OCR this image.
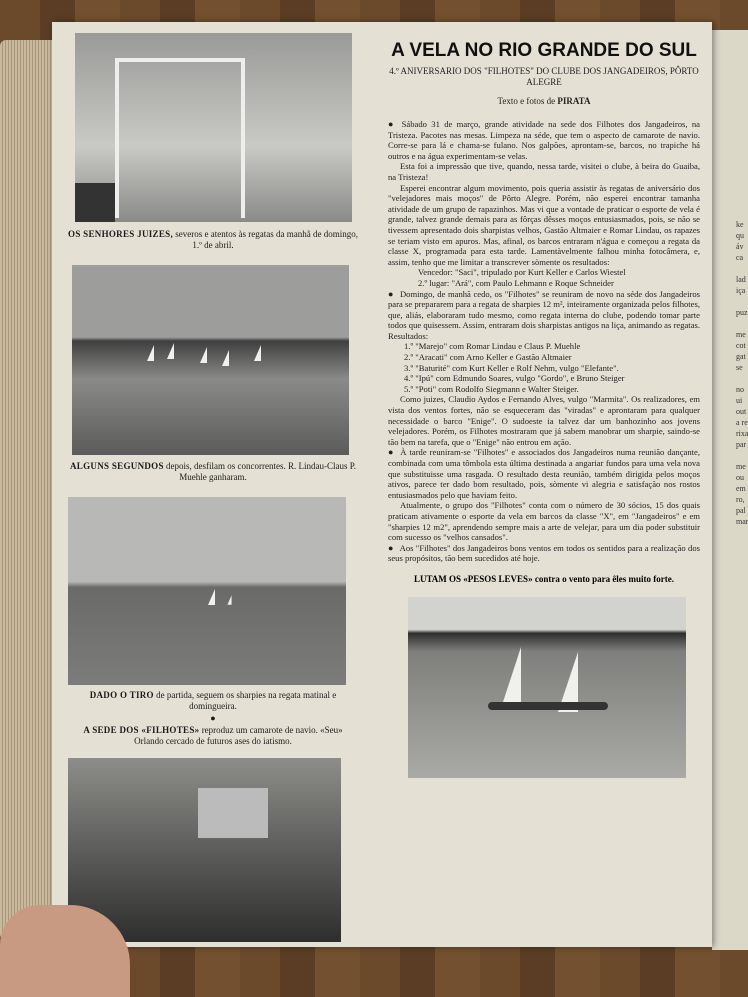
ke
qu
áv
ca
lad
iça
puz
me
cot
gat
se
no
ui
out
a re
rixa
par
me
ou
em
ro,
pal
mar
OS SENHORES JUIZES, severos e atentos às regatas da manhã de domingo, 1.º de abril.
ALGUNS SEGUNDOS depois, desfilam os concorrentes. R. Lindau-Claus P. Muehle ganharam.
DADO O TIRO de partida, seguem os sharpies na regata matinal e domingueira.
●
A SEDE DOS «FILHOTES» reproduz um camarote de navio. «Seu» Orlando cercado de futuros ases do iatismo.
A VELA NO RIO GRANDE DO SUL
4.º ANIVERSARIO DOS "FILHOTES" DO CLUBE DOS JANGADEIROS, PÔRTO ALEGRE
Texto e fotos de PIRATA

● Sábado 31 de março, grande atividade na sede dos Filhotes dos Jangadeiros, na Tristeza. Pacotes nas mesas. Limpeza na séde, que tem o aspecto de camarote de navio. Corre-se para lá e chama-se fulano. Nos galpões, aprontam-se, barcos, no trapiche há outros e na água experimentam-se velas.

Esta foi a impressão que tive, quando, nessa tarde, visitei o clube, à beira do Guaiba, na Tristeza!

Esperei encontrar algum movimento, pois queria assistir às regatas de aniversário dos "velejadores mais moços" de Pôrto Alegre. Porém, não esperei encontrar tamanha atividade de um grupo de rapazinhos. Mas vi que a vontade de praticar o esporte de vela é grande, talvez grande demais para as fôrças dêsses moços entusiasmados, pois, se não se tivessem apresentado dois sharpistas velhos, Gastão Altmaier e Romar Lindau, os rapazes se teriam visto em apuros. Mas, afinal, os barcos entraram n'água e começou a regata da classe X, programada para esta tarde. Lamentàvelmente falhou minha fotocâmera, e, assim, tenho que me limitar a transcrever sòmente os resultados:

Vencedor: "Saci", tripulado por Kurt Keller e Carlos Wiestel

2.º lugar: "Ará", com Paulo Lehmann e Roque Schneider

● Domingo, de manhã cedo, os "Filhotes" se reuniram de novo na séde dos Jangadeiros para se prepararem para a regata de sharpies 12 m², inteiramente organizada pelos filhotes, que, aliás, elaboraram tudo mesmo, como regata interna do clube, podendo tomar parte todos que quisessem. Assim, entraram dois sharpistas antigos na liça, animando as regatas. Resultados:

1.º "Marejo" com Romar Lindau e Claus P. Muehle

2.º "Aracati" com Arno Keller e Gastão Altmaier

3.º "Baturité" com Kurt Keller e Rolf Nehm, vulgo "Elefante".

4.º "Ipú" com Edmundo Soares, vulgo "Gordo", e Bruno Steiger

5.º "Poti" com Rodolfo Siegmann e Walter Steiger.

Como juizes, Claudio Aydos e Fernando Alves, vulgo "Marmita". Os realizadores, em vista dos ventos fortes, não se esqueceram das "viradas" e aprontaram para qualquer necessidade o barco "Enige". O sudoeste ia talvez dar um banhozinho aos jovens velejadores. Porém, os Filhotes mostraram que já sabem manobrar um sharpie, saindo-se tão bem na tarefa, que o "Enige" não entrou em ação.

● À tarde reuniram-se "Filhotes" e associados dos Jangadeiros numa reunião dançante, combinada com uma tômbola esta última destinada a angariar fundos para uma vela nova que substituisse uma rasgada. O resultado desta reunião, também dirigida pelos moços ativos, parece ter dado bom resultado, pois, sòmente vi alegria e satisfação nos rostos entusiasmados pelo que haviam feito.

Atualmente, o grupo dos "Filhotes" conta com o número de 30 sócios, 15 dos quais praticam ativamente o esporte da vela em barcos da classe "X", em "Jangadeiros" e em "sharpies 12 m2", aprendendo sempre mais a arte de velejar, para um dia poder substituir com sucesso os "velhos cansados".

● Aos "Filhotes" dos Jangadeiros bons ventos em todos os sentidos para a realização dos seus propósitos, tão bem sucedidos até hoje.

LUTAM OS «PESOS LEVES» contra o vento para êles muito forte.
